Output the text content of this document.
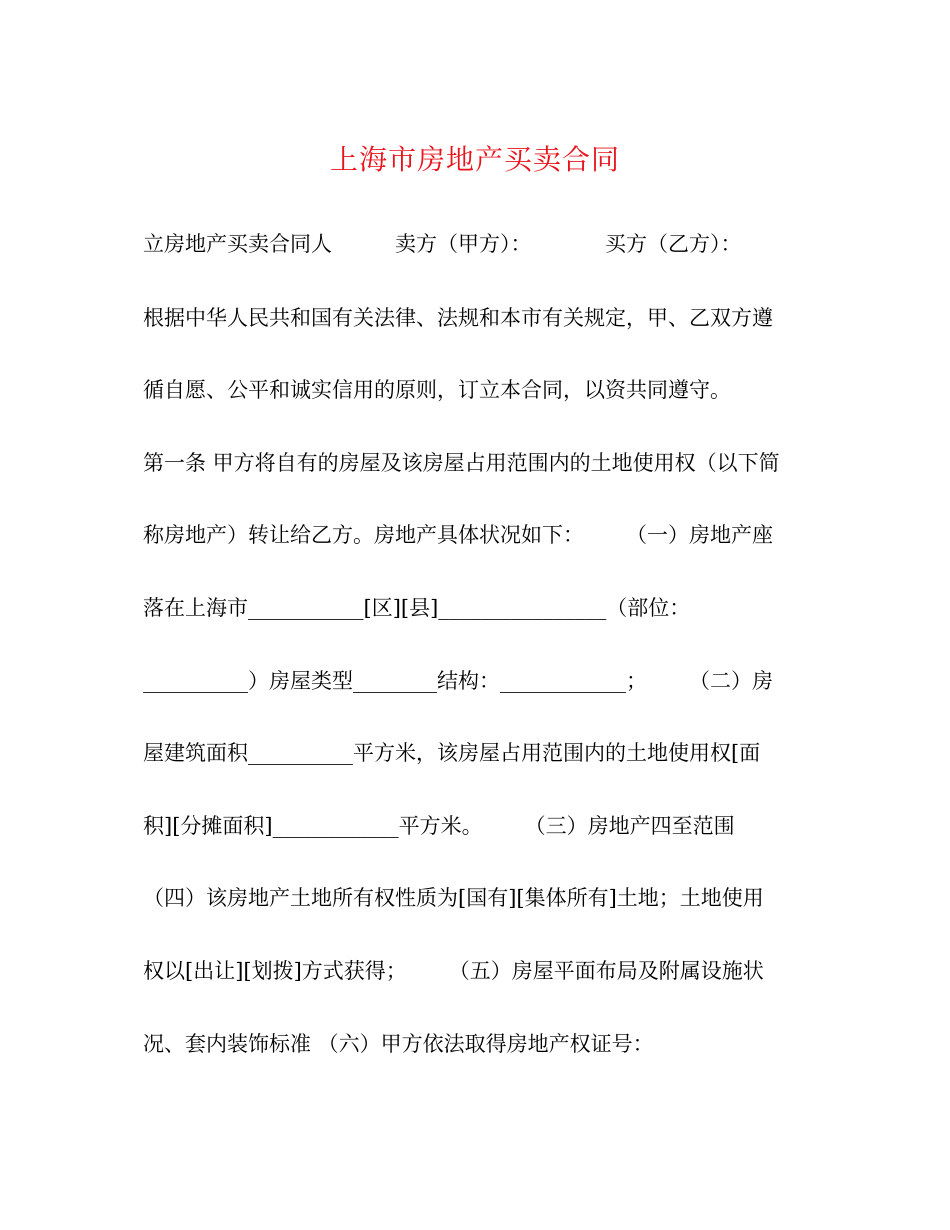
上海市房地产买卖合同
立房地产买卖合同人　　　卖方（甲方）：　　　　买方（乙方）：
根据中华人民共和国有关法律、法规和本市有关规定，甲、乙双方遵
循自愿、公平和诚实信用的原则，订立本合同，以资共同遵守。
第一条 甲方将自有的房屋及该房屋占用范围内的土地使用权（以下简
称房地产）转让给乙方。房地产具体状况如下：　　　（一）房地产座
落在上海市___________[区][县]________________（部位：
__________）房屋类型________结构：____________；　　　（二）房
屋建筑面积__________平方米，该房屋占用范围内的土地使用权[面
积][分摊面积]____________平方米。　　　（三）房地产四至范围
（四）该房地产土地所有权性质为[国有][集体所有]土地；土地使用
权以[出让][划拨]方式获得；　　　（五）房屋平面布局及附属设施状
况、套内装饰标准 （六）甲方依法取得房地产权证号：
